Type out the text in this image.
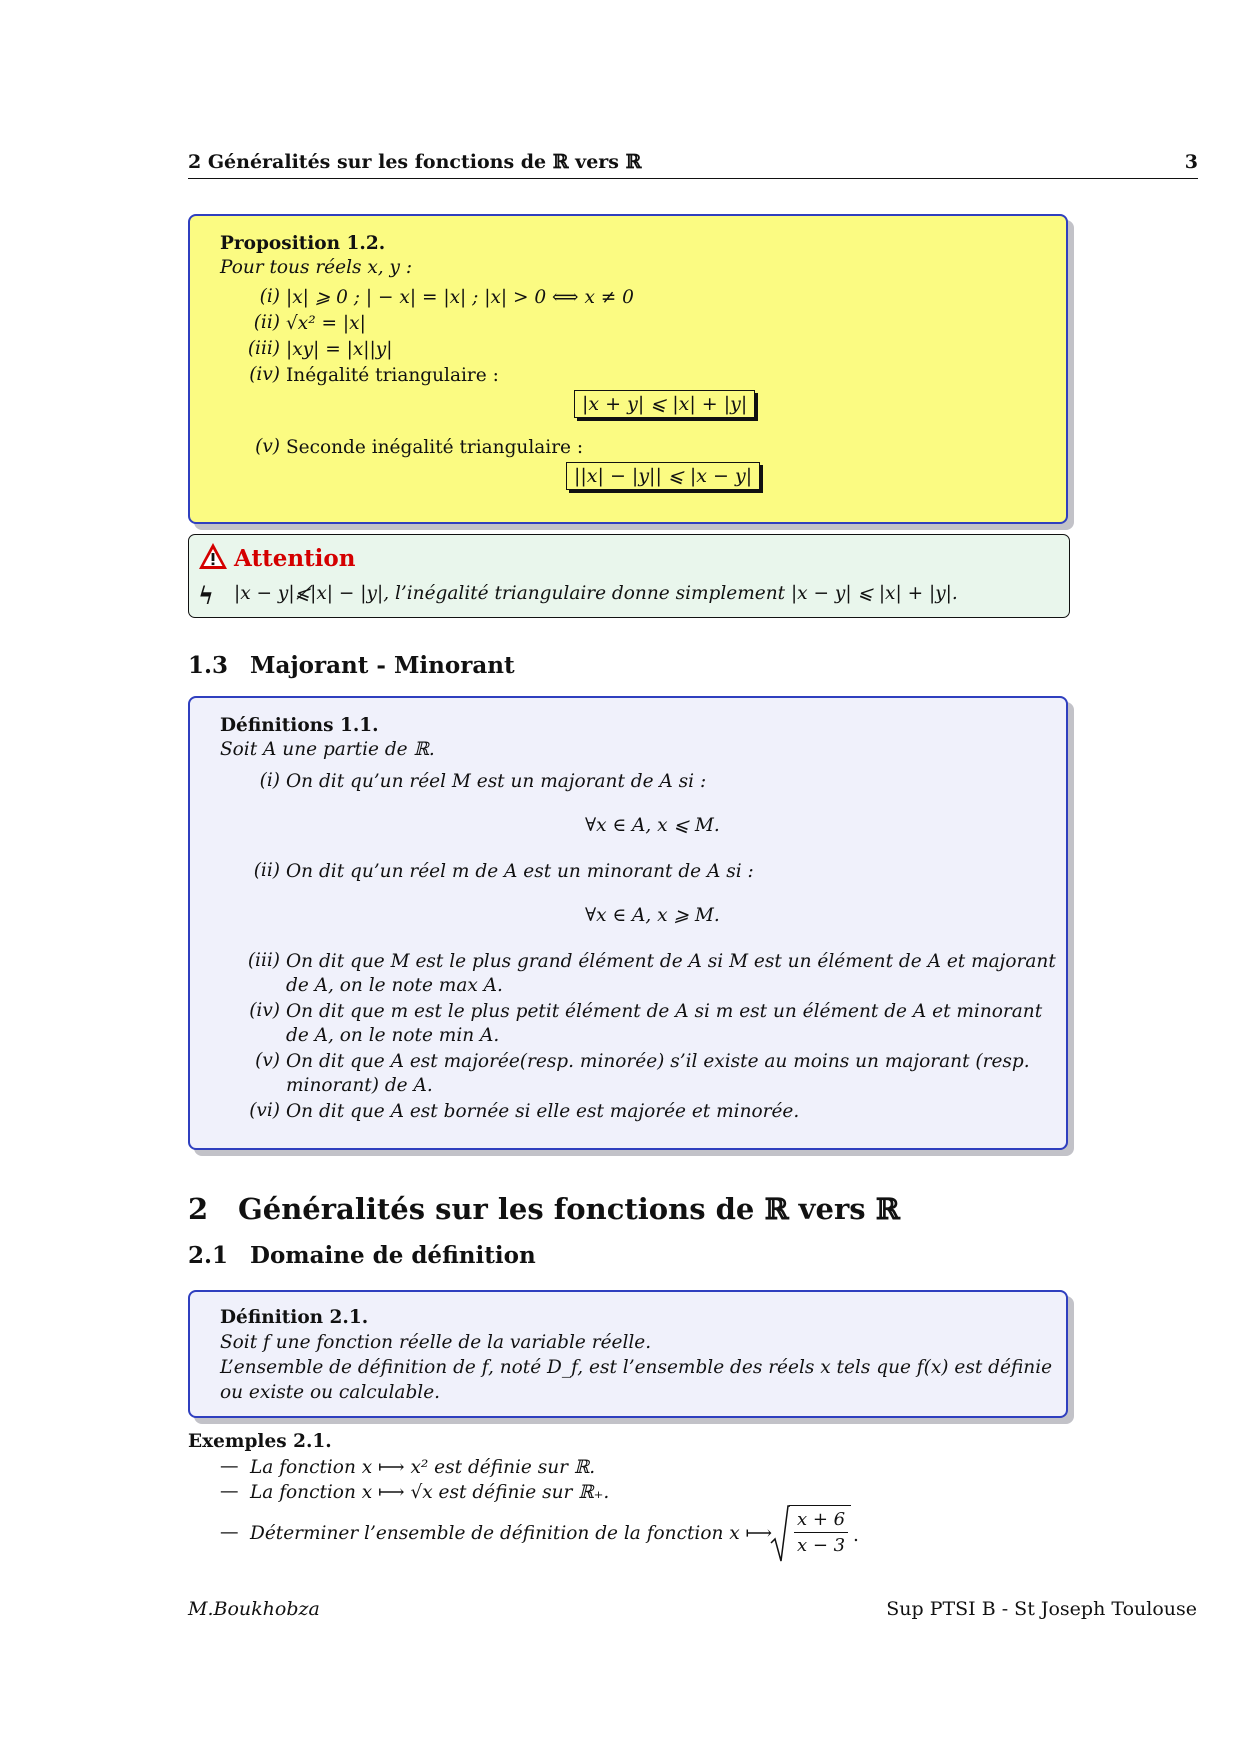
2 Généralités sur les fonctions de ℝ vers ℝ	3
Proposition 1.2.
Pour tous réels x, y :
(i) |x| ⩾ 0 ; | − x| = |x| ; |x| > 0 ⟺ x ≠ 0
(ii) √x² = |x|
(iii) |xy| = |x||y|
(iv) Inégalité triangulaire :
|x + y| ⩽ |x| + |y|
(v) Seconde inégalité triangulaire :
||x| − |y|| ⩽ |x − y|
Attention
ϟ |x − y|⩽̸|x| − |y|, l’inégalité triangulaire donne simplement |x − y| ⩽ |x| + |y|.
1.3 Majorant - Minorant
Définitions 1.1.
Soit A une partie de ℝ.
(i) On dit qu’un réel M est un majorant de A si :
∀x ∈ A, x ⩽ M.
(ii) On dit qu’un réel m de A est un minorant de A si :
∀x ∈ A, x ⩾ M.
(iii) On dit que M est le plus grand élément de A si M est un élément de A et majorant
de A, on le note max A.
(iv) On dit que m est le plus petit élément de A si m est un élément de A et minorant
de A, on le note min A.
(v) On dit que A est majorée(resp. minorée) s’il existe au moins un majorant (resp.
minorant) de A.
(vi) On dit que A est bornée si elle est majorée et minorée.
2 Généralités sur les fonctions de ℝ vers ℝ
2.1 Domaine de définition
Définition 2.1.
Soit f une fonction réelle de la variable réelle.
L’ensemble de définition de f, noté D_f, est l’ensemble des réels x tels que f(x) est définie
ou existe ou calculable.
Exemples 2.1.
— La fonction x ⟼ x² est définie sur ℝ.
— La fonction x ⟼ √x est définie sur ℝ₊.
— Déterminer l’ensemble de définition de la fonction x ⟼
x + 6
x − 3 .
M.Boukhobza	Sup PTSI B - St Joseph Toulouse
